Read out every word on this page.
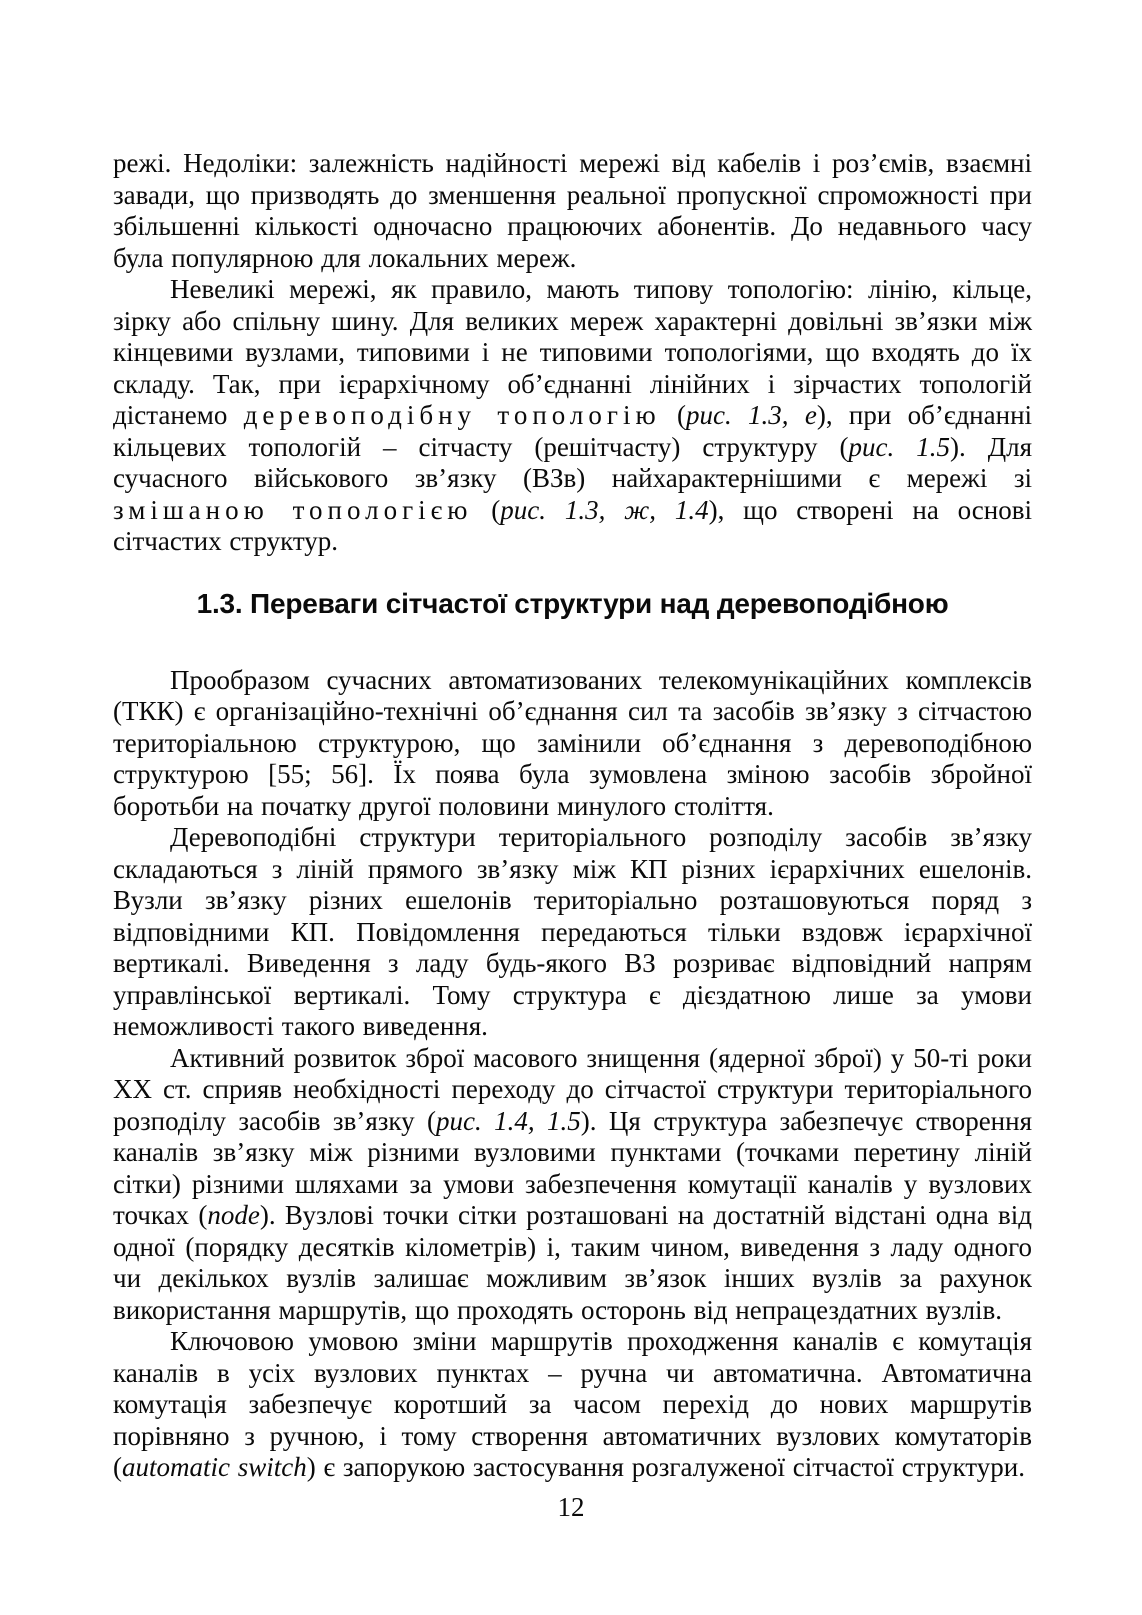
режі. Недоліки: залежність надійності мережі від кабелів і роз’ємів, взаємні завади, що призводять до зменшення реальної пропускної спроможності при збільшенні кількості одночасно працюючих абонентів. До недавнього часу була популярною для локальних мереж.

Невеликі мережі, як правило, мають типову топологію: лінію, кільце, зірку або спільну шину. Для великих мереж характерні довільні зв’язки між кінцевими вузлами, типовими і не типовими топологіями, що входять до їх складу. Так, при ієрархічному об’єднанні лінійних і зірчастих топологій дістанемо деревоподібну топологію (рис. 1.3, е), при об’єднанні кільцевих топологій – сітчасту (решітчасту) структуру (рис. 1.5). Для сучасного військового зв’язку (ВЗв) найхарактернішими є мережі зі змішаною топологією (рис. 1.3, ж, 1.4), що створені на основі сітчастих структур.

1.3. Переваги сітчастої структури над деревоподібною

Прообразом сучасних автоматизованих телекомунікаційних комплексів (ТКК) є організаційно-технічні об’єднання сил та засобів зв’язку з сітчастою територіальною структурою, що замінили об’єднання з деревоподібною структурою [55; 56]. Їх поява була зумовлена зміною засобів збройної боротьби на початку другої половини минулого століття.

Деревоподібні структури територіального розподілу засобів зв’язку складаються з ліній прямого зв’язку між КП різних ієрархічних ешелонів. Вузли зв’язку різних ешелонів територіально розташовуються поряд з відповідними КП. Повідомлення передаються тільки вздовж ієрархічної вертикалі. Виведення з ладу будь-якого ВЗ розриває відповідний напрям управлінської вертикалі. Тому структура є дієздатною лише за умови неможливості такого виведення.

Активний розвиток зброї масового знищення (ядерної зброї) у 50-ті роки ХХ ст. сприяв необхідності переходу до сітчастої структури територіального розподілу засобів зв’язку (рис. 1.4, 1.5). Ця структура забезпечує створення каналів зв’язку між різними вузловими пунктами (точками перетину ліній сітки) різними шляхами за умови забезпечення комутації каналів у вузлових точках (node). Вузлові точки сітки розташовані на достатній відстані одна від одної (порядку десятків кілометрів) і, таким чином, виведення з ладу одного чи декількох вузлів залишає можливим зв’язок інших вузлів за рахунок використання маршрутів, що проходять осторонь від непрацездатних вузлів.

Ключовою умовою зміни маршрутів проходження каналів є комутація каналів в усіх вузлових пунктах – ручна чи автоматична. Автоматична комутація забезпечує коротший за часом перехід до нових маршрутів порівняно з ручною, і тому створення автоматичних вузлових комутаторів (automatic switch) є запорукою застосування розгалуженої сітчастої структури.

12
